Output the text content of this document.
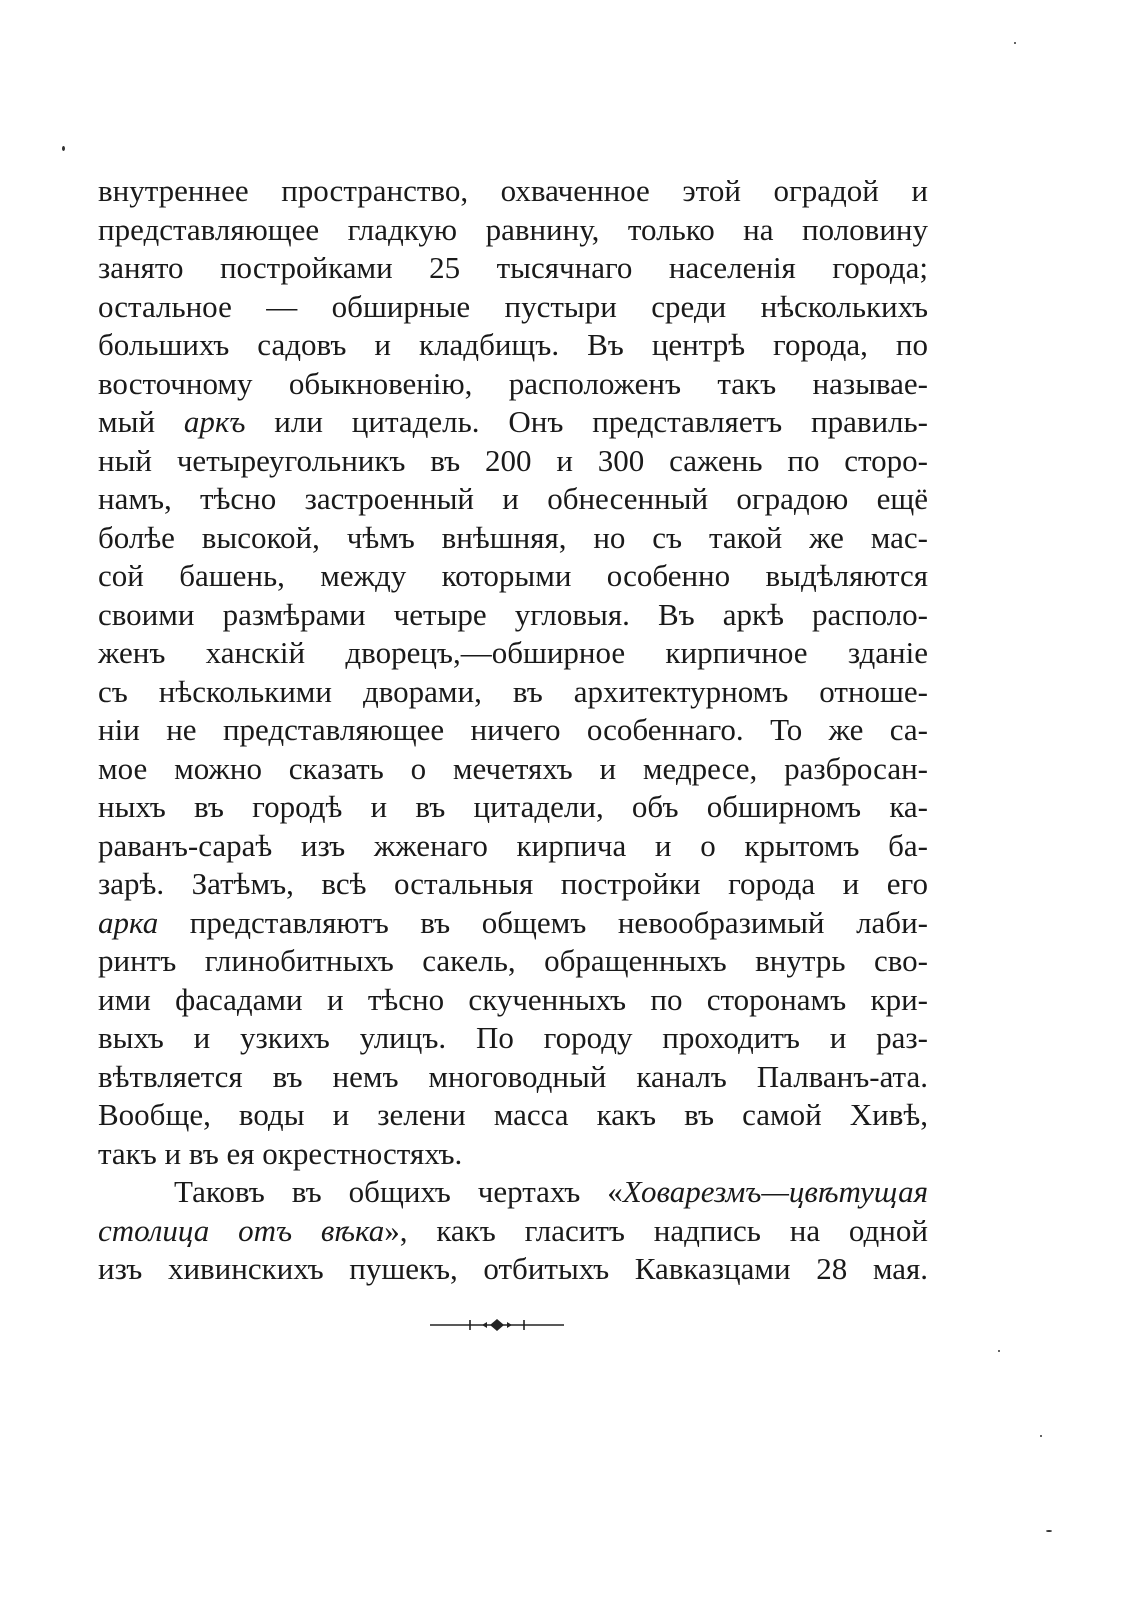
внутреннее пространство, охваченное этой оградой и
представляющее гладкую равнину, только на половину
занято постройками 25 тысячнаго населенія города;
остальное — обширные пустыри среди нѣсколькихъ
большихъ садовъ и кладбищъ. Въ центрѣ города, по
восточному обыкновенію, расположенъ такъ называе-
мый аркъ или цитадель. Онъ представляетъ правиль-
ный четыреугольникъ въ 200 и 300 сажень по сторо-
намъ, тѣсно застроенный и обнесенный оградою ещё
болѣе высокой, чѣмъ внѣшняя, но съ такой же мас-
сой башень, между которыми особенно выдѣляются
своими размѣрами четыре угловыя. Въ аркѣ располо-
женъ ханскій дворецъ,—обширное кирпичное зданіе
съ нѣсколькими дворами, въ архитектурномъ отноше-
ніи не представляющее ничего особеннаго. То же са-
мое можно сказать о мечетяхъ и медресе, разбросан-
ныхъ въ городѣ и въ цитадели, объ обширномъ ка-
раванъ-сараѣ изъ жженаго кирпича и о крытомъ ба-
зарѣ. Затѣмъ, всѣ остальныя постройки города и его
арка представляютъ въ общемъ невообразимый лаби-
ринтъ глинобитныхъ сакель, обращенныхъ внутрь сво-
ими фасадами и тѣсно скученныхъ по сторонамъ кри-
выхъ и узкихъ улицъ. По городу проходитъ и раз-
вѣтвляется въ немъ многоводный каналъ Палванъ-ата.
Вообще, воды и зелени масса какъ въ самой Хивѣ,
такъ и въ ея окрестностяхъ.
Таковъ въ общихъ чертахъ «Ховарезмъ—цвѣтущая
столица отъ вѣка», какъ гласитъ надпись на одной
изъ хивинскихъ пушекъ, отбитыхъ Кавказцами 28 мая.
